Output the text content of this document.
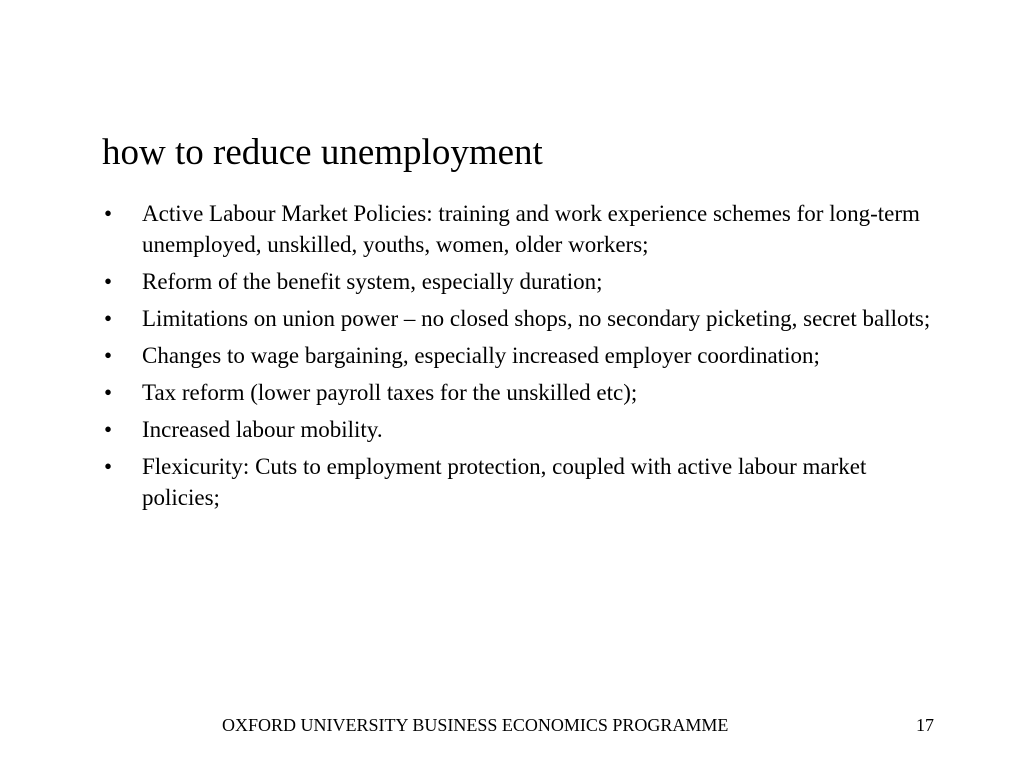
how to reduce unemployment
• Active Labour Market Policies: training and work experience schemes for long-term unemployed, unskilled, youths, women, older workers;
• Reform of the benefit system, especially duration;
• Limitations on union power – no closed shops, no secondary picketing, secret ballots;
• Changes to wage bargaining, especially increased employer coordination;
• Tax reform (lower payroll taxes for the unskilled etc);
• Increased labour mobility.
• Flexicurity: Cuts to employment protection, coupled with active labour market policies;
OXFORD UNIVERSITY BUSINESS ECONOMICS PROGRAMME	17
